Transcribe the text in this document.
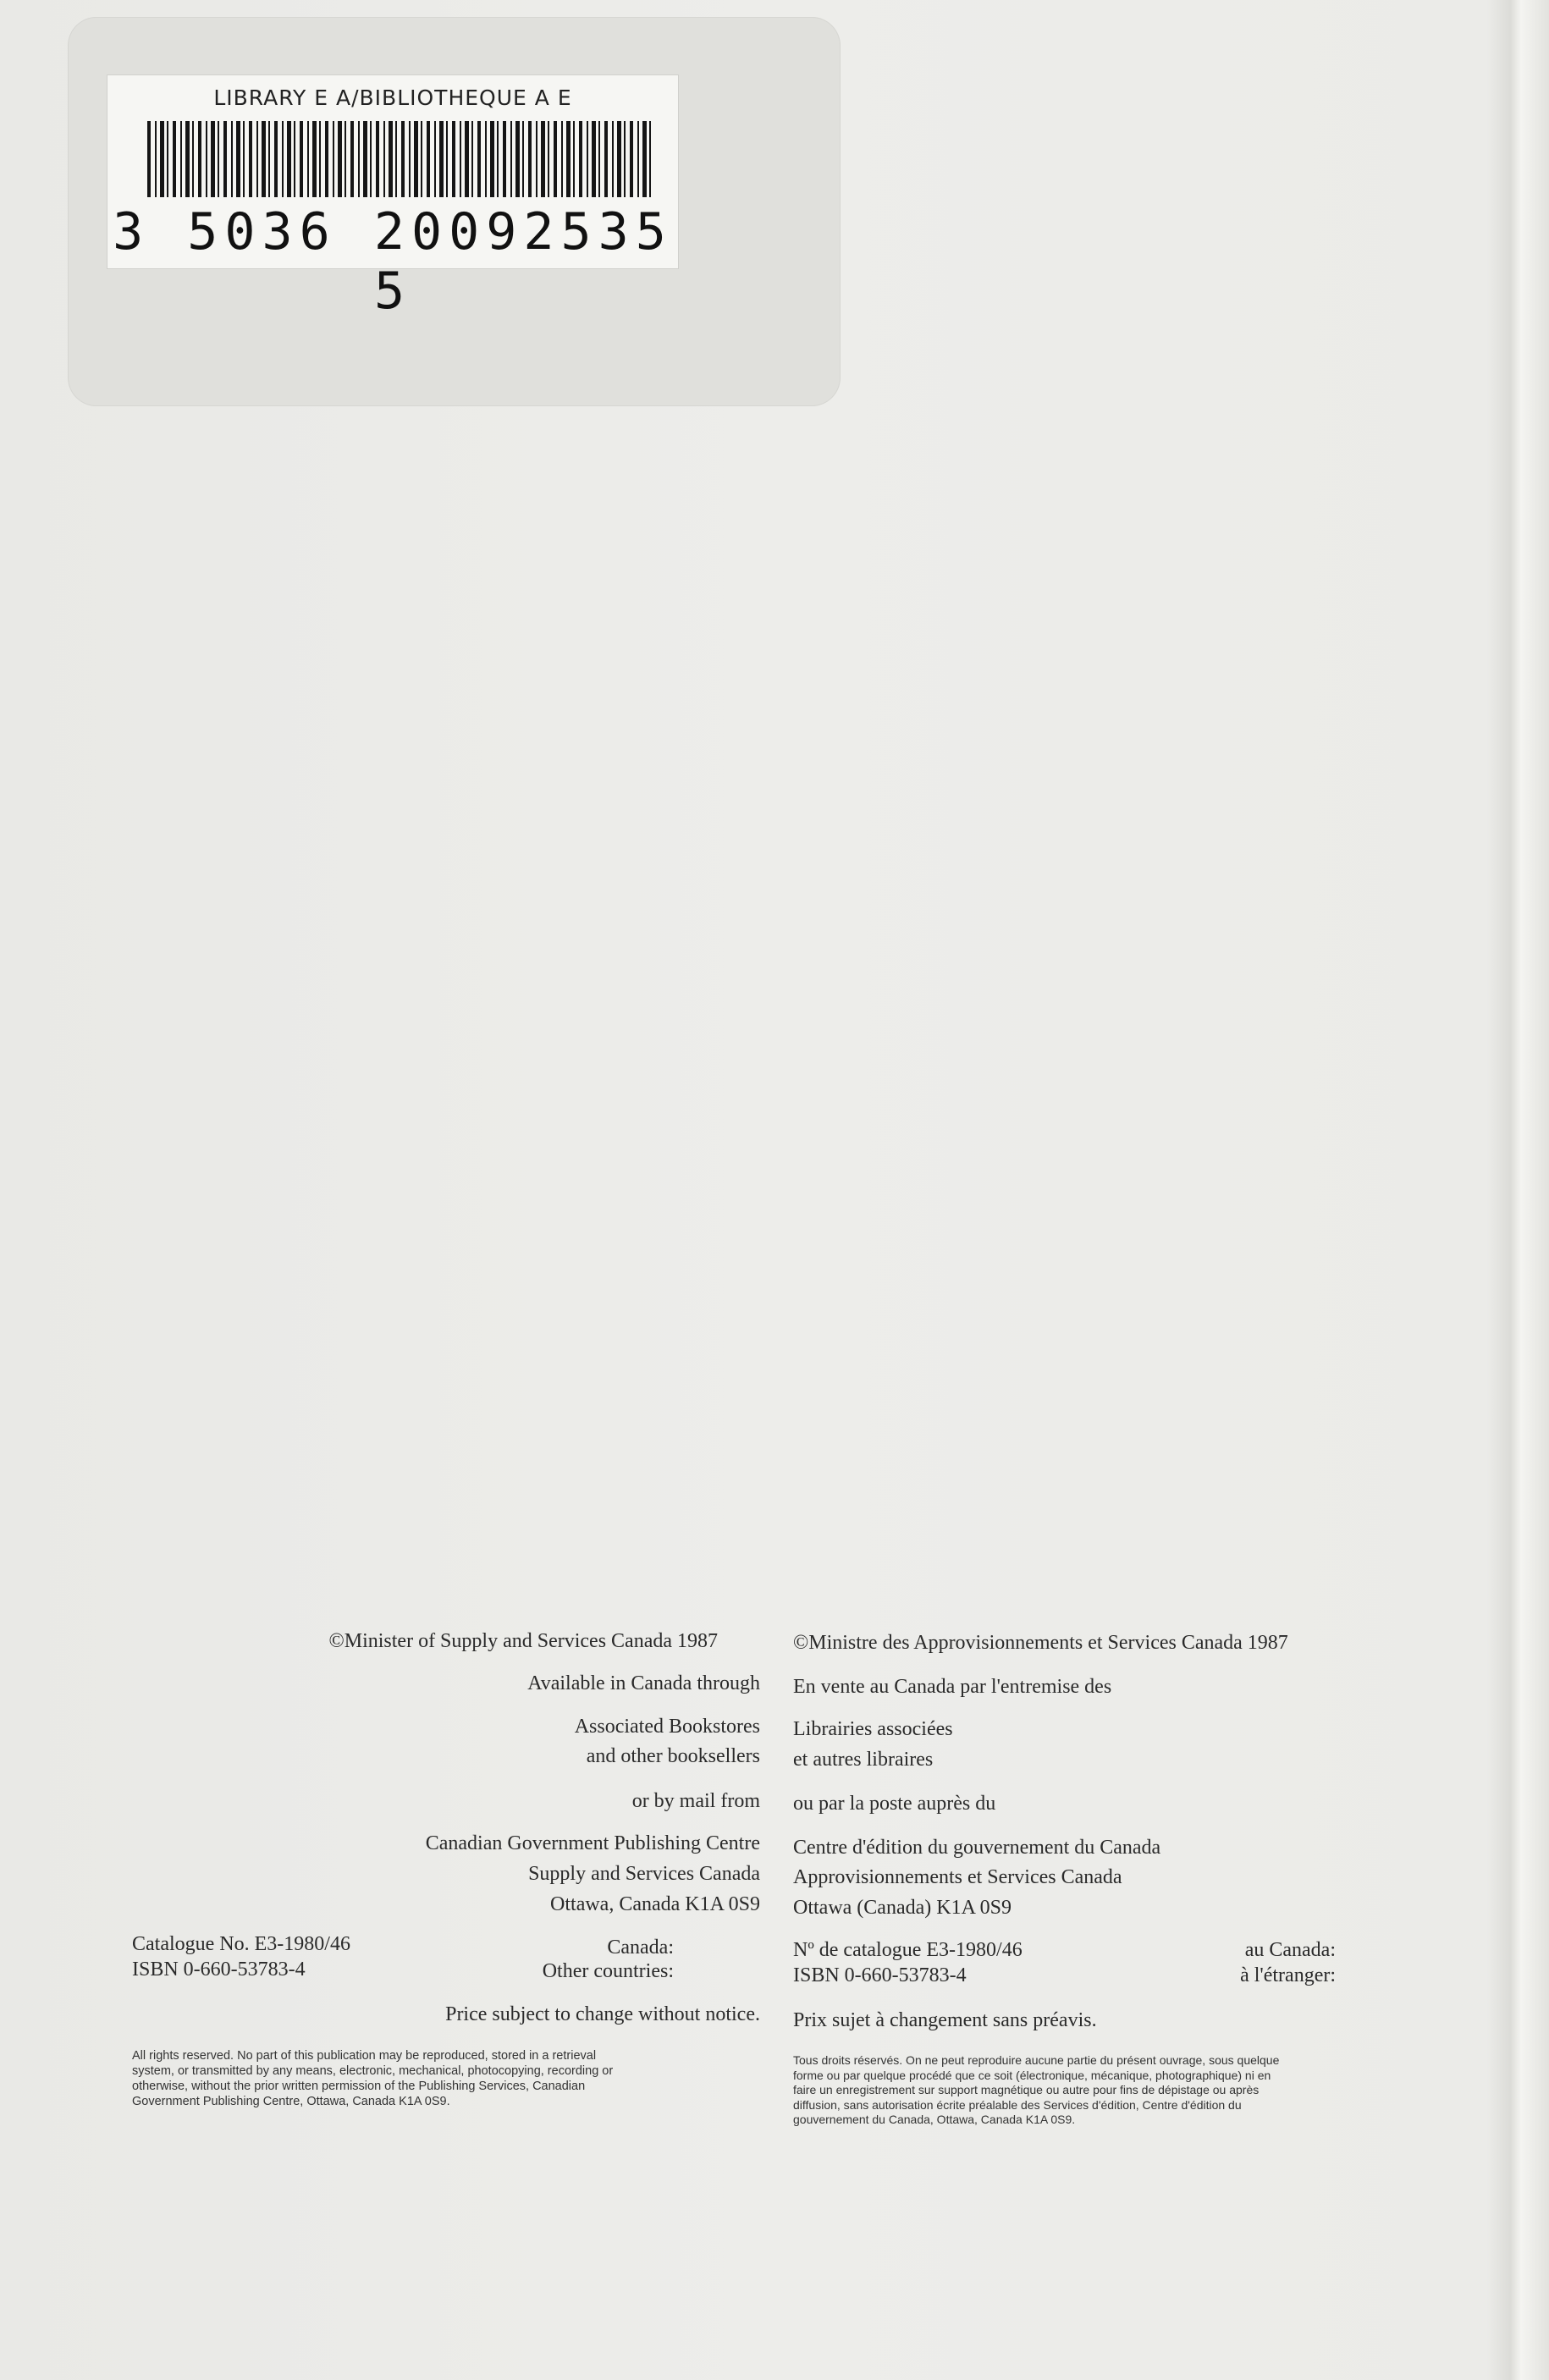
LIBRARY E A/BIBLIOTHEQUE A E
3 5036 20092535 5
©Minister of Supply and Services Canada 1987
Available in Canada through
Associated Bookstores
and other booksellers
or by mail from
Canadian Government Publishing Centre
Supply and Services Canada
Ottawa, Canada K1A 0S9
Catalogue No. E3-1980/46
ISBN 0-660-53783-4
Canada:
Other countries:
Price subject to change without notice.
All rights reserved. No part of this publication may be reproduced, stored in a retrieval
system, or transmitted by any means, electronic, mechanical, photocopying, recording or
otherwise, without the prior written permission of the Publishing Services, Canadian
Government Publishing Centre, Ottawa, Canada K1A 0S9.
©Ministre des Approvisionnements et Services Canada 1987
En vente au Canada par l'entremise des
Librairies associées
et autres libraires
ou par la poste auprès du
Centre d'édition du gouvernement du Canada
Approvisionnements et Services Canada
Ottawa (Canada) K1A 0S9
Nº de catalogue E3-1980/46
ISBN 0-660-53783-4
au Canada:
à l'étranger:
Prix sujet à changement sans préavis.
Tous droits réservés. On ne peut reproduire aucune partie du présent ouvrage, sous quelque
forme ou par quelque procédé que ce soit (électronique, mécanique, photographique) ni en
faire un enregistrement sur support magnétique ou autre pour fins de dépistage ou après
diffusion, sans autorisation écrite préalable des Services d'édition, Centre d'édition du
gouvernement du Canada, Ottawa, Canada K1A 0S9.
